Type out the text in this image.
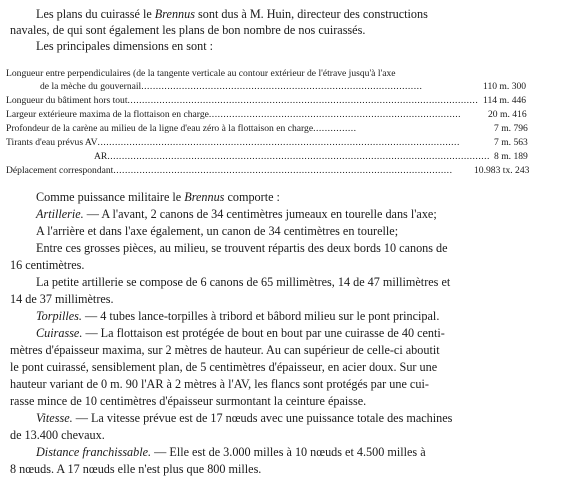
Les plans du cuirassé le Brennus sont dus à M. Huin, directeur des constructions
navales, de qui sont également les plans de bon nombre de nos cuirassés.
Les principales dimensions en sont :
Longueur entre perpendiculaires (de la tangente verticale au contour extérieur de l'étrave jusqu'à l'axe
de la mèche du gouvernail.................................................................................................	110 m. 300
Longueur du bâtiment hors tout......................................................................................................................... 114 m. 446
Largeur extérieure maxima de la flottaison en charge.......................................................................................	20 m. 416
Profondeur de la carène au milieu de la ligne d'eau zéro à la flottaison en charge...............	7 m. 796
Tirants d'eau prévus AV.............................................................................................................................	7 m. 563
AR.................................................................................................................................... 8 m. 189
Déplacement correspondant..................................................................................................................... 10.983 tx. 243
Comme puissance militaire le Brennus comporte :
Artillerie. — A l'avant, 2 canons de 34 centimètres jumeaux en tourelle dans l'axe;
A l'arrière et dans l'axe également, un canon de 34 centimètres en tourelle;
Entre ces grosses pièces, au milieu, se trouvent répartis des deux bords 10 canons de
16 centimètres.
La petite artillerie se compose de 6 canons de 65 millimètres, 14 de 47 millimètres et
14 de 37 millimètres.
Torpilles. — 4 tubes lance-torpilles à tribord et bâbord milieu sur le pont principal.
Cuirasse. — La flottaison est protégée de bout en bout par une cuirasse de 40 centi-
mètres d'épaisseur maxima, sur 2 mètres de hauteur. Au can supérieur de celle-ci aboutit
le pont cuirassé, sensiblement plan, de 5 centimètres d'épaisseur, en acier doux. Sur une
hauteur variant de 0 m. 90 l'AR à 2 mètres à l'AV, les flancs sont protégés par une cui-
rasse mince de 10 centimètres d'épaisseur surmontant la ceinture épaisse.
Vitesse. — La vitesse prévue est de 17 nœuds avec une puissance totale des machines
de 13.400 chevaux.
Distance franchissable. — Elle est de 3.000 milles à 10 nœuds et 4.500 milles à
8 nœuds. A 17 nœuds elle n'est plus que 800 milles.
